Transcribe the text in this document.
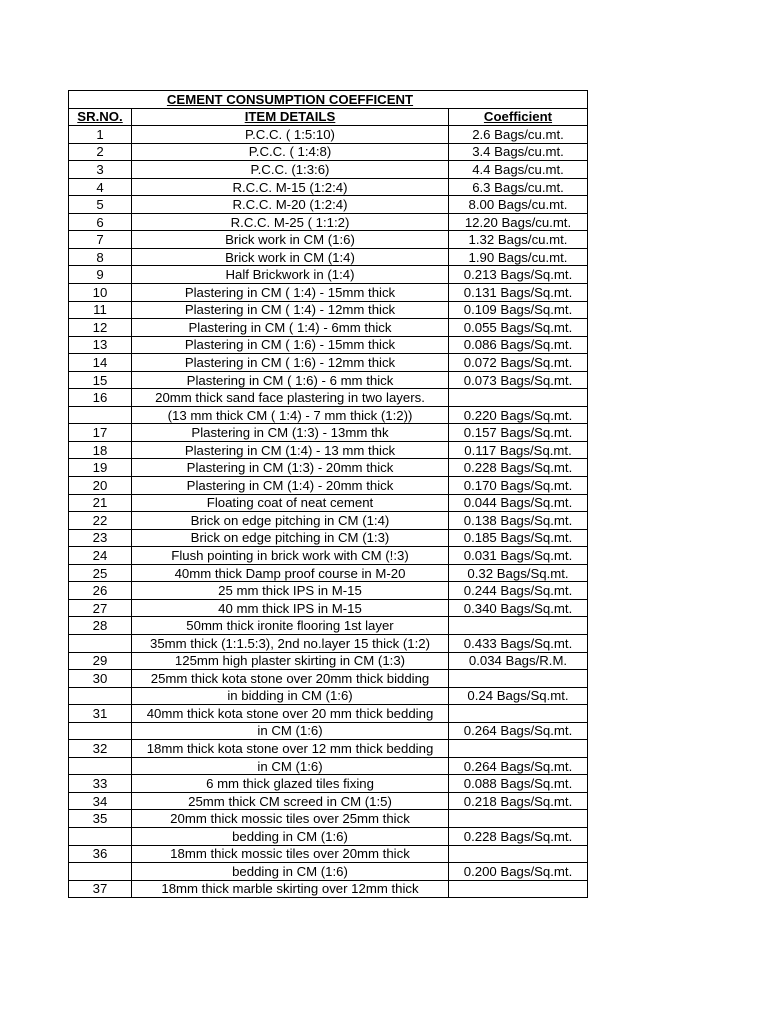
	CEMENT CONSUMPTION COEFFICENT	
SR.NO.	ITEM DETAILS	Coefficient
1	P.C.C. ( 1:5:10)	2.6 Bags/cu.mt.
2	P.C.C. ( 1:4:8)	3.4 Bags/cu.mt.
3	P.C.C. (1:3:6)	4.4 Bags/cu.mt.
4	R.C.C. M-15 (1:2:4)	6.3 Bags/cu.mt.
5	R.C.C. M-20 (1:2:4)	8.00 Bags/cu.mt.
6	R.C.C. M-25 ( 1:1:2)	12.20 Bags/cu.mt.
7	Brick work in CM (1:6)	1.32 Bags/cu.mt.
8	Brick work in CM (1:4)	1.90 Bags/cu.mt.
9	Half Brickwork in (1:4)	0.213 Bags/Sq.mt.
10	Plastering in CM ( 1:4) - 15mm thick	0.131 Bags/Sq.mt.
11	Plastering in CM ( 1:4) - 12mm thick	0.109 Bags/Sq.mt.
12	Plastering in CM ( 1:4) - 6mm thick	0.055 Bags/Sq.mt.
13	Plastering in CM ( 1:6) - 15mm thick	0.086 Bags/Sq.mt.
14	Plastering in CM ( 1:6) - 12mm thick	0.072 Bags/Sq.mt.
15	Plastering in CM ( 1:6) - 6 mm thick	0.073 Bags/Sq.mt.
16	20mm thick sand face plastering in two layers.	
	(13 mm thick CM ( 1:4) - 7 mm thick (1:2))	0.220 Bags/Sq.mt.
17	Plastering in CM (1:3) - 13mm thk	0.157 Bags/Sq.mt.
18	Plastering in CM (1:4) - 13 mm thick	0.117 Bags/Sq.mt.
19	Plastering in CM (1:3) - 20mm thick	0.228 Bags/Sq.mt.
20	Plastering in CM (1:4) - 20mm thick	0.170 Bags/Sq.mt.
21	Floating coat of neat cement	0.044 Bags/Sq.mt.
22	Brick on edge pitching in CM (1:4)	0.138 Bags/Sq.mt.
23	Brick on edge pitching in CM (1:3)	0.185 Bags/Sq.mt.
24	Flush pointing in brick work with CM (!:3)	0.031 Bags/Sq.mt.
25	40mm thick Damp proof course in M-20	0.32 Bags/Sq.mt.
26	25 mm thick IPS in M-15	0.244 Bags/Sq.mt.
27	40 mm thick IPS in M-15	0.340 Bags/Sq.mt.
28	50mm thick ironite flooring 1st layer	
	35mm thick (1:1.5:3), 2nd no.layer 15 thick (1:2)	0.433 Bags/Sq.mt.
29	125mm high plaster skirting in CM (1:3)	0.034 Bags/R.M.
30	25mm thick kota stone over 20mm thick bidding	
	in bidding in CM (1:6)	0.24 Bags/Sq.mt.
31	40mm thick kota stone over 20 mm thick bedding	
	in CM (1:6)	0.264 Bags/Sq.mt.
32	18mm thick kota stone over 12 mm thick bedding	
	in CM (1:6)	0.264 Bags/Sq.mt.
33	6 mm thick glazed tiles fixing	0.088 Bags/Sq.mt.
34	25mm thick CM screed in CM (1:5)	0.218 Bags/Sq.mt.
35	20mm thick mossic tiles over 25mm thick	
	bedding in CM (1:6)	0.228 Bags/Sq.mt.
36	18mm thick mossic tiles over 20mm thick	
	bedding in CM (1:6)	0.200 Bags/Sq.mt.
37	18mm thick marble skirting over 12mm thick	
